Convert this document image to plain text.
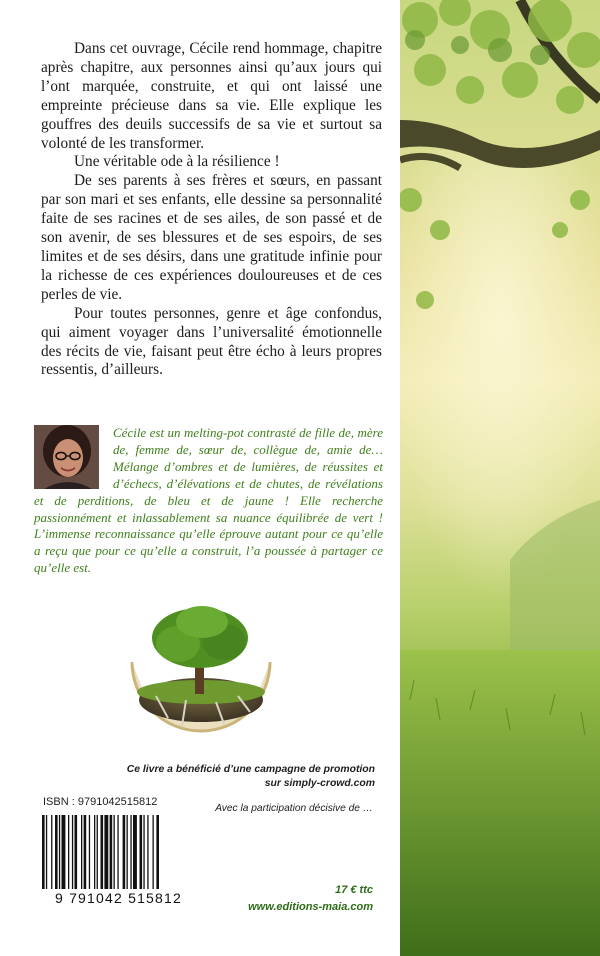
Dans cet ouvrage, Cécile rend hommage, chapitre après chapitre, aux personnes ainsi qu’aux jours qui l’ont marquée, construite, et qui ont laissé une empreinte précieuse dans sa vie. Elle explique les gouffres des deuils successifs de sa vie et surtout sa volonté de les transformer.

Une véritable ode à la résilience !

De ses parents à ses frères et sœurs, en passant par son mari et ses enfants, elle dessine sa personnalité faite de ses racines et de ses ailes, de son passé et de son avenir, de ses blessures et de ses espoirs, de ses limites et de ses désirs, dans une gratitude infinie pour la richesse de ces expériences douloureuses et de ces perles de vie.

Pour toutes personnes, genre et âge confondus, qui aiment voyager dans l’universalité émotionnelle des récits de vie, faisant peut être écho à leurs propres ressentis, d’ailleurs.

Cécile est un melting-pot contrasté de fille de, mère de, femme de, sœur de, collègue de, amie de… Mélange d’ombres et de lumières, de réussites et d’échecs, d’élévations et de chutes, de révélations et de perditions, de bleu et de jaune ! Elle recherche passionnément et inlassablement sa nuance équilibrée de vert ! L’immense reconnaissance qu’elle éprouve autant pour ce qu’elle a reçu que pour ce qu’elle a construit, l’a poussée à partager ce qu’elle est.
Ce livre a bénéficié d’une campagne de promotion
sur simply-crowd.com
ISBN : 9791042515812
Avec la participation décisive de …
9 791042 515812	17 € ttc
www.editions-maia.com
